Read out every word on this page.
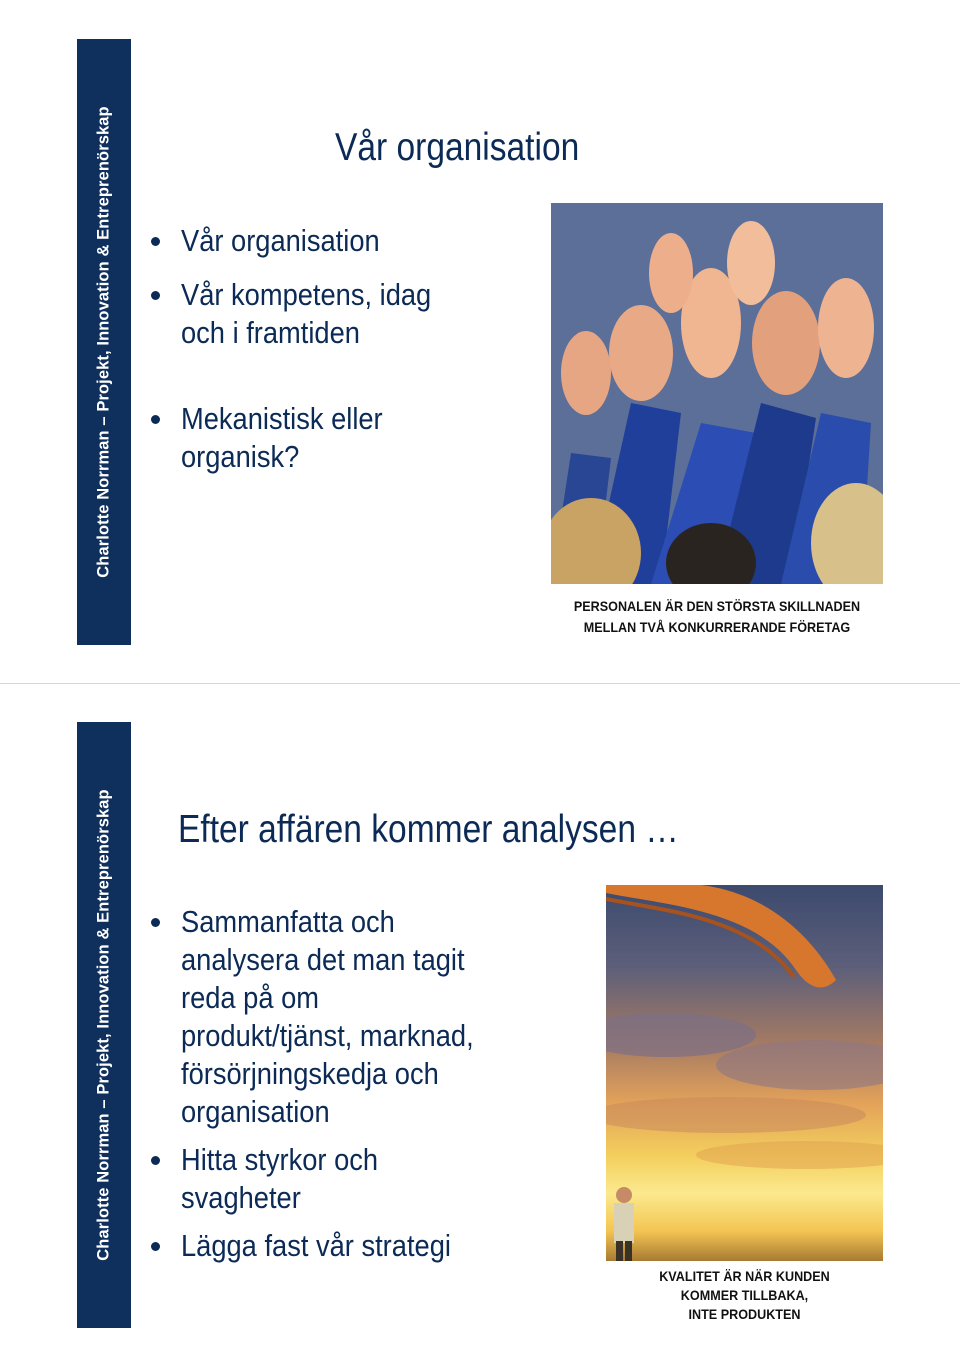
Charlotte Norrman – Projekt, Innovation & Entreprenörskap	Vår organisation
Vår organisation
Vår kompetens, idag
och i framtiden
Mekanistisk eller
organisk?
PERSONALEN ÄR DEN STÖRSTA SKILLNADEN
MELLAN TVÅ KONKURRERANDE FÖRETAG
Charlotte Norrman – Projekt, Innovation & Entreprenörskap Efter affären kommer analysen …
Sammanfatta och
analysera det man tagit
reda på om
produkt/tjänst, marknad,
försörjningskedja och
organisation
Hitta styrkor och
svagheter
Lägga fast vår strategi
KVALITET ÄR NÄR KUNDEN
KOMMER TILLBAKA,
INTE PRODUKTEN
